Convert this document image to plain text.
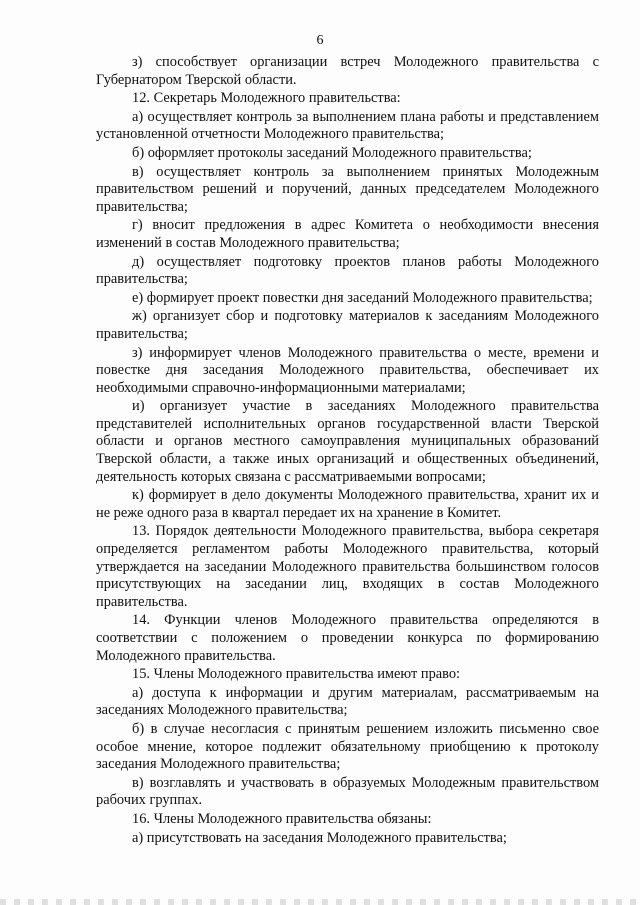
6

з) способствует организации встреч Молодежного правительства с Губернатором Тверской области.

12. Секретарь Молодежного правительства:

а) осуществляет контроль за выполнением плана работы и представлением установленной отчетности Молодежного правительства;

б) оформляет протоколы заседаний Молодежного правительства;

в) осуществляет контроль за выполнением принятых Молодежным правительством решений и поручений, данных председателем Молодежного правительства;

г) вносит предложения в адрес Комитета о необходимости внесения изменений в состав Молодежного правительства;

д) осуществляет подготовку проектов планов работы Молодежного правительства;

е) формирует проект повестки дня заседаний Молодежного правительства;

ж) организует сбор и подготовку материалов к заседаниям Молодежного правительства;

з) информирует членов Молодежного правительства о месте, времени и повестке дня заседания Молодежного правительства, обеспечивает их необходимыми справочно-информационными материалами;

и) организует участие в заседаниях Молодежного правительства представителей исполнительных органов государственной власти Тверской области и органов местного самоуправления муниципальных образований Тверской области, а также иных организаций и общественных объединений, деятельность которых связана с рассматриваемыми вопросами;

к) формирует в дело документы Молодежного правительства, хранит их и не реже одного раза в квартал передает их на хранение в Комитет.

13. Порядок деятельности Молодежного правительства, выбора секретаря определяется регламентом работы Молодежного правительства, который утверждается на заседании Молодежного правительства большинством голосов присутствующих на заседании лиц, входящих в состав Молодежного правительства.

14. Функции членов Молодежного правительства определяются в соответствии с положением о проведении конкурса по формированию Молодежного правительства.

15. Члены Молодежного правительства имеют право:

а) доступа к информации и другим материалам, рассматриваемым на заседаниях Молодежного правительства;

б) в случае несогласия с принятым решением изложить письменно свое особое мнение, которое подлежит обязательному приобщению к протоколу заседания Молодежного правительства;

в) возглавлять и участвовать в образуемых Молодежным правительством рабочих группах.

16. Члены Молодежного правительства обязаны:

а) присутствовать на заседания Молодежного правительства;
